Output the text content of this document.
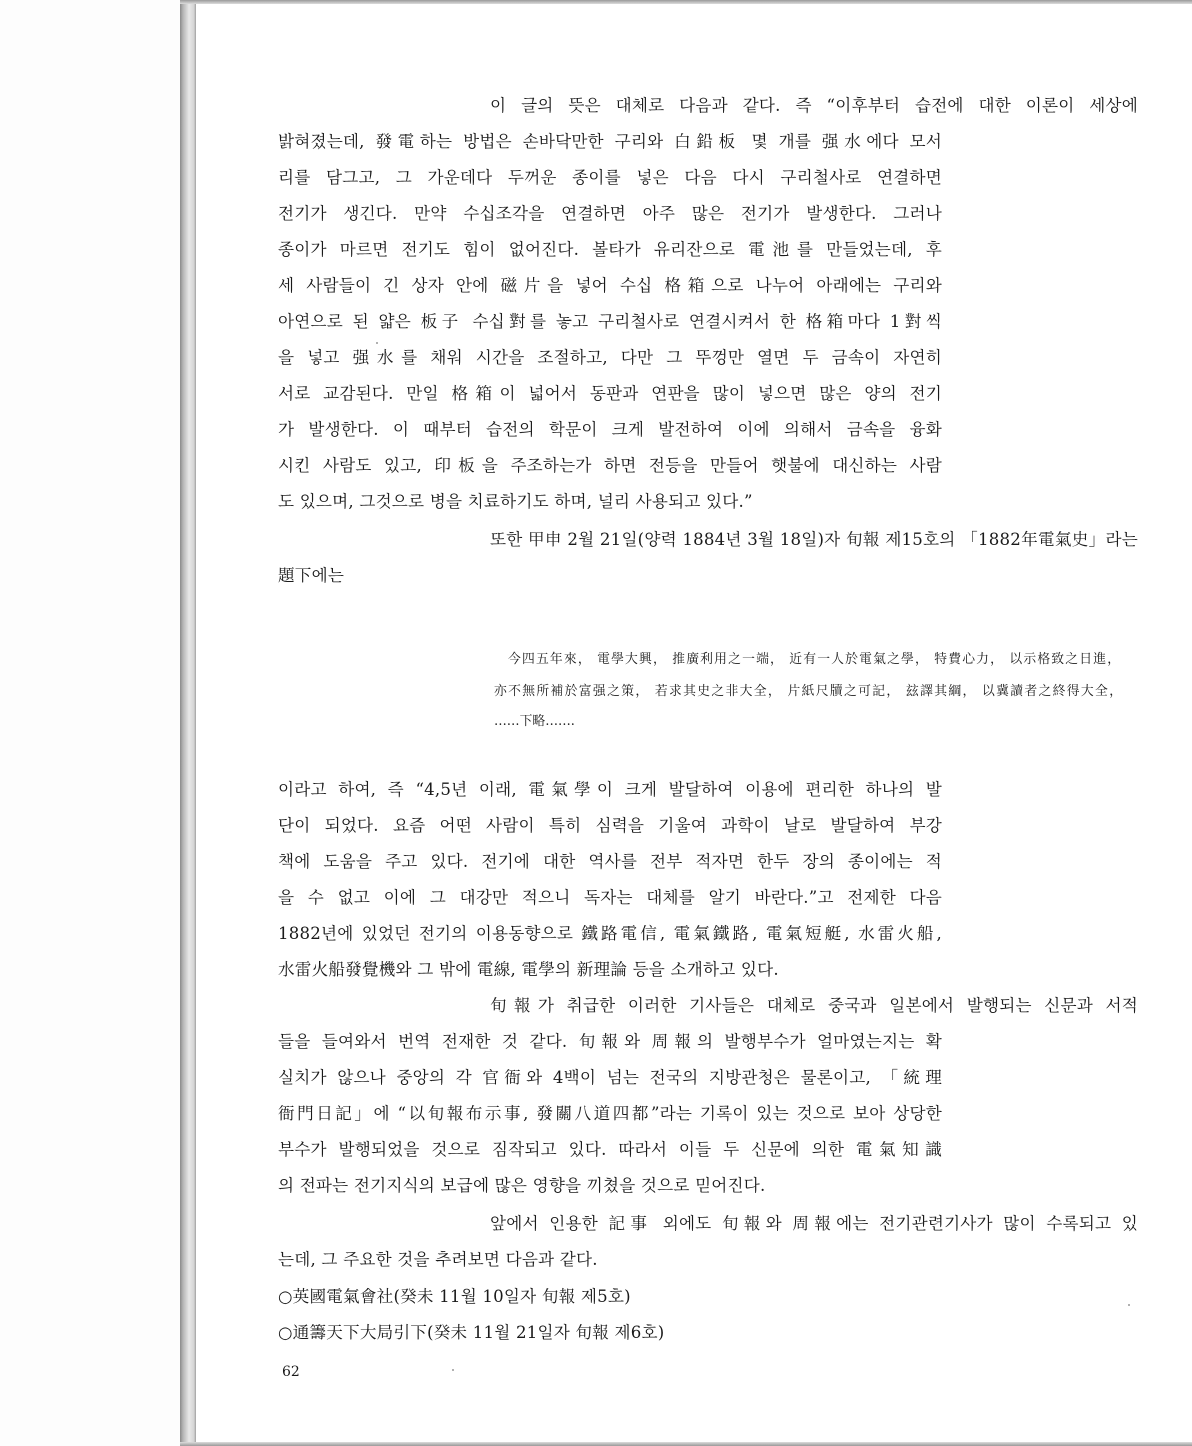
이 글의 뜻은 대체로 다음과 같다. 즉 “이후부터 습전에 대한 이론이 세상에
밝혀졌는데, 發電하는 방법은 손바닥만한 구리와 白鉛板 몇 개를 强水에다 모서
리를 담그고, 그 가운데다 두꺼운 종이를 넣은 다음 다시 구리철사로 연결하면
전기가 생긴다. 만약 수십조각을 연결하면 아주 많은 전기가 발생한다. 그러나
종이가 마르면 전기도 힘이 없어진다. 볼타가 유리잔으로 電池를 만들었는데, 후
세 사람들이 긴 상자 안에 磁片을 넣어 수십 格箱으로 나누어 아래에는 구리와
아연으로 된 얇은 板子 수십對를 놓고 구리철사로 연결시켜서 한 格箱마다 1對씩
을 넣고 强水를 채워 시간을 조절하고, 다만 그 뚜껑만 열면 두 금속이 자연히
서로 교감된다. 만일 格箱이 넓어서 동판과 연판을 많이 넣으면 많은 양의 전기
가 발생한다. 이 때부터 습전의 학문이 크게 발전하여 이에 의해서 금속을 융화
시킨 사람도 있고, 印板을 주조하는가 하면 전등을 만들어 햇불에 대신하는 사람
도 있으며, 그것으로 병을 치료하기도 하며, 널리 사용되고 있다.”
또한 甲申 2월 21일(양력 1884년 3월 18일)자 旬報 제15호의 「1882年電氣史」라는
題下에는
今四五年來， 電學大興， 推廣利用之一端， 近有一人於電氣之學， 特費心力， 以示格致之日進，
亦不無所補於富强之策， 若求其史之非大全， 片紙尺牘之可記， 玆譯其綱， 以冀讀者之終得大全，
……下略…….
이라고 하여, 즉 “4,5년 이래, 電氣學이 크게 발달하여 이용에 편리한 하나의 발
단이 되었다. 요즘 어떤 사람이 특히 심력을 기울여 과학이 날로 발달하여 부강
책에 도움을 주고 있다. 전기에 대한 역사를 전부 적자면 한두 장의 종이에는 적
을 수 없고 이에 그 대강만 적으니 독자는 대체를 알기 바란다.”고 전제한 다음
1882년에 있었던 전기의 이용동향으로 鐵路電信, 電氣鐵路, 電氣短艇, 水雷火船,
水雷火船發覺機와 그 밖에 電線, 電學의 新理論 등을 소개하고 있다.
旬報가 취급한 이러한 기사들은 대체로 중국과 일본에서 발행되는 신문과 서적
들을 들여와서 번역 전재한 것 같다. 旬報와 周報의 발행부수가 얼마였는지는 확
실치가 않으나 중앙의 각 官衙와 4백이 넘는 전국의 지방관청은 물론이고, 「統理
衙門日記」에 “以旬報布示事, 發關八道四都”라는 기록이 있는 것으로 보아 상당한
부수가 발행되었을 것으로 짐작되고 있다. 따라서 이들 두 신문에 의한 電氣知識
의 전파는 전기지식의 보급에 많은 영향을 끼쳤을 것으로 믿어진다.
앞에서 인용한 記事 외에도 旬報와 周報에는 전기관련기사가 많이 수록되고 있
는데, 그 주요한 것을 추려보면 다음과 같다.
○英國電氣會社(癸未 11월 10일자 旬報 제5호)
○通籌天下大局引下(癸未 11월 21일자 旬報 제6호)
62
